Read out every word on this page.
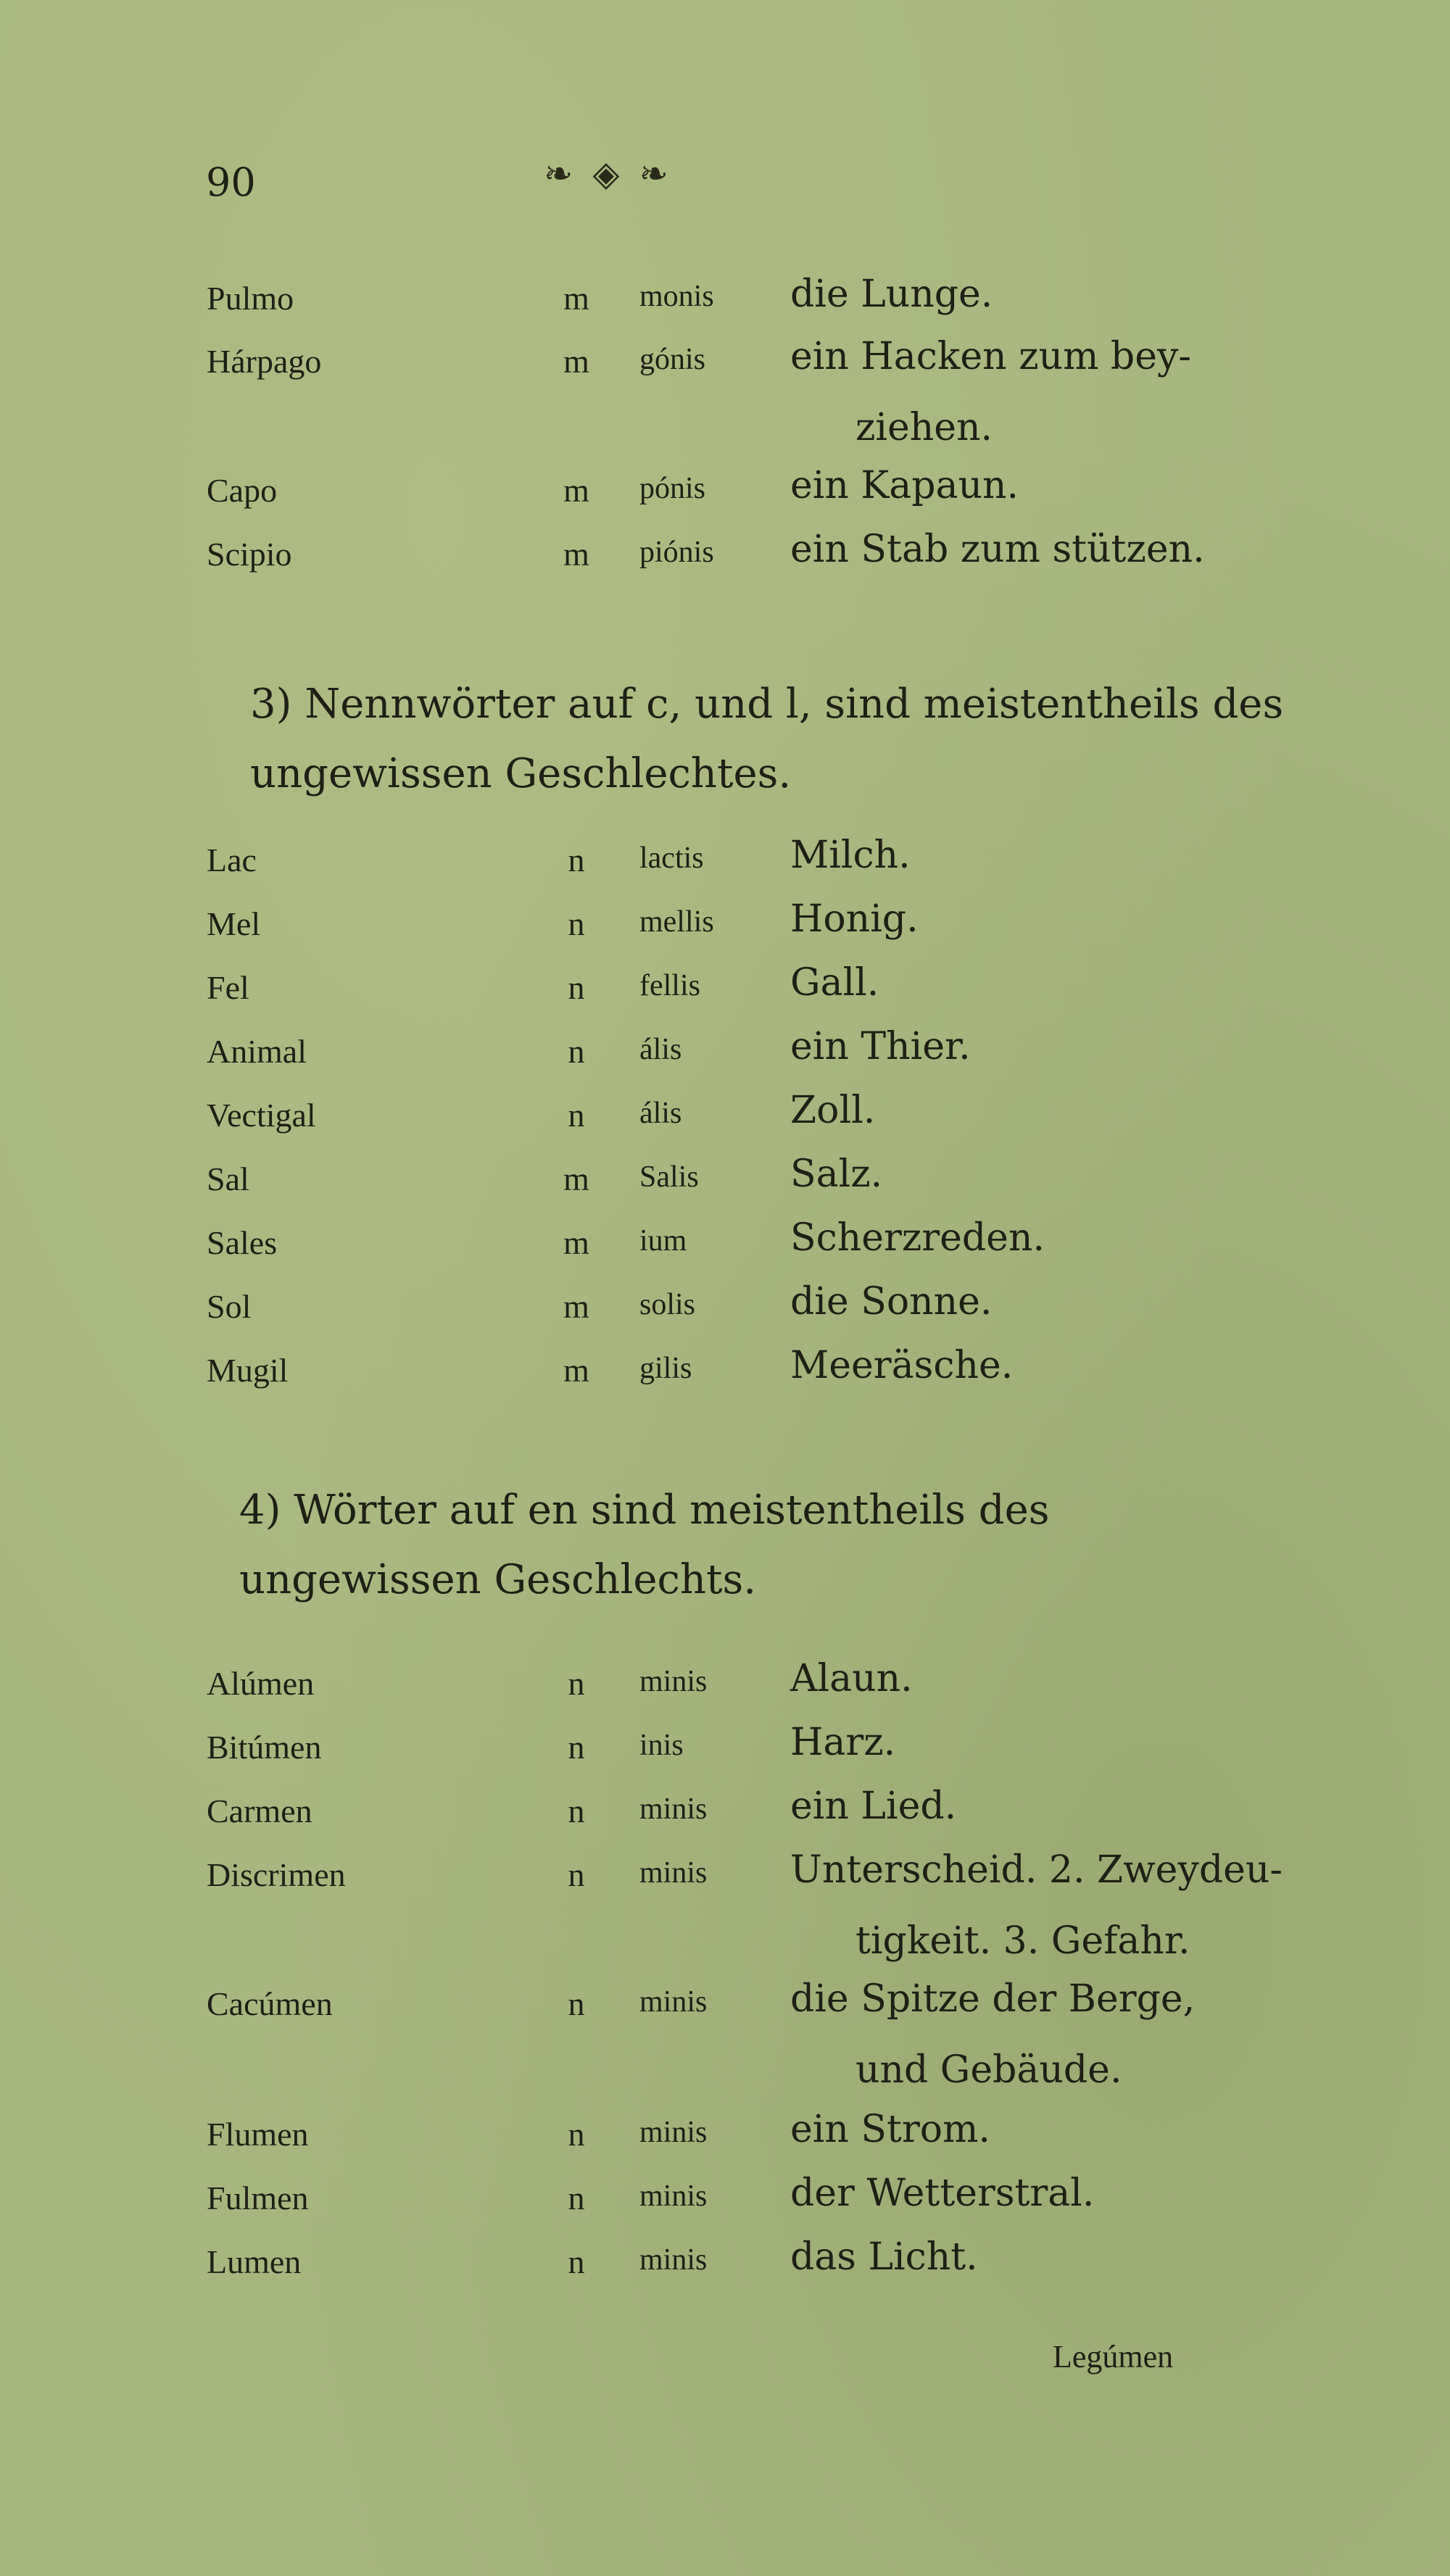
90	❧ ◈ ❧
Pulmo	m monis die Lunge.
Hárpago	m gónis ein Hacken zum bey-
ziehen.
Capo	m pónis ein Kapaun.
Scipio	m piónis ein Stab zum stützen.
3) Nennwörter auf c, und l, sind meistentheils des ungewissen Geschlechtes.
Lac	n	lactis Milch.
Mel	n	mellis Honig.
Fel	n	fellis Gall.
Animal	n	ális	ein Thier.
Vectigal	n	ális	Zoll.
Sal	m Salis Salz.
Sales	m ium	Scherzreden.
Sol	m solis	die Sonne.
Mugil	m gilis	Meeräsche.
4) Wörter auf en sind meistentheils des ungewissen Geschlechts.
Alúmen	n	minis Alaun.
Bitúmen	n	inis	Harz.
Carmen	n	minis ein Lied.
Discrimen	n	minis Unterscheid. 2. Zweydeu-
tigkeit. 3. Gefahr.
Cacúmen	n	minis die Spitze der Berge,
und Gebäude.
Flumen	n	minis ein Strom.
Fulmen	n	minis der Wetterstral.
Lumen	n	minis das Licht.
Legúmen
